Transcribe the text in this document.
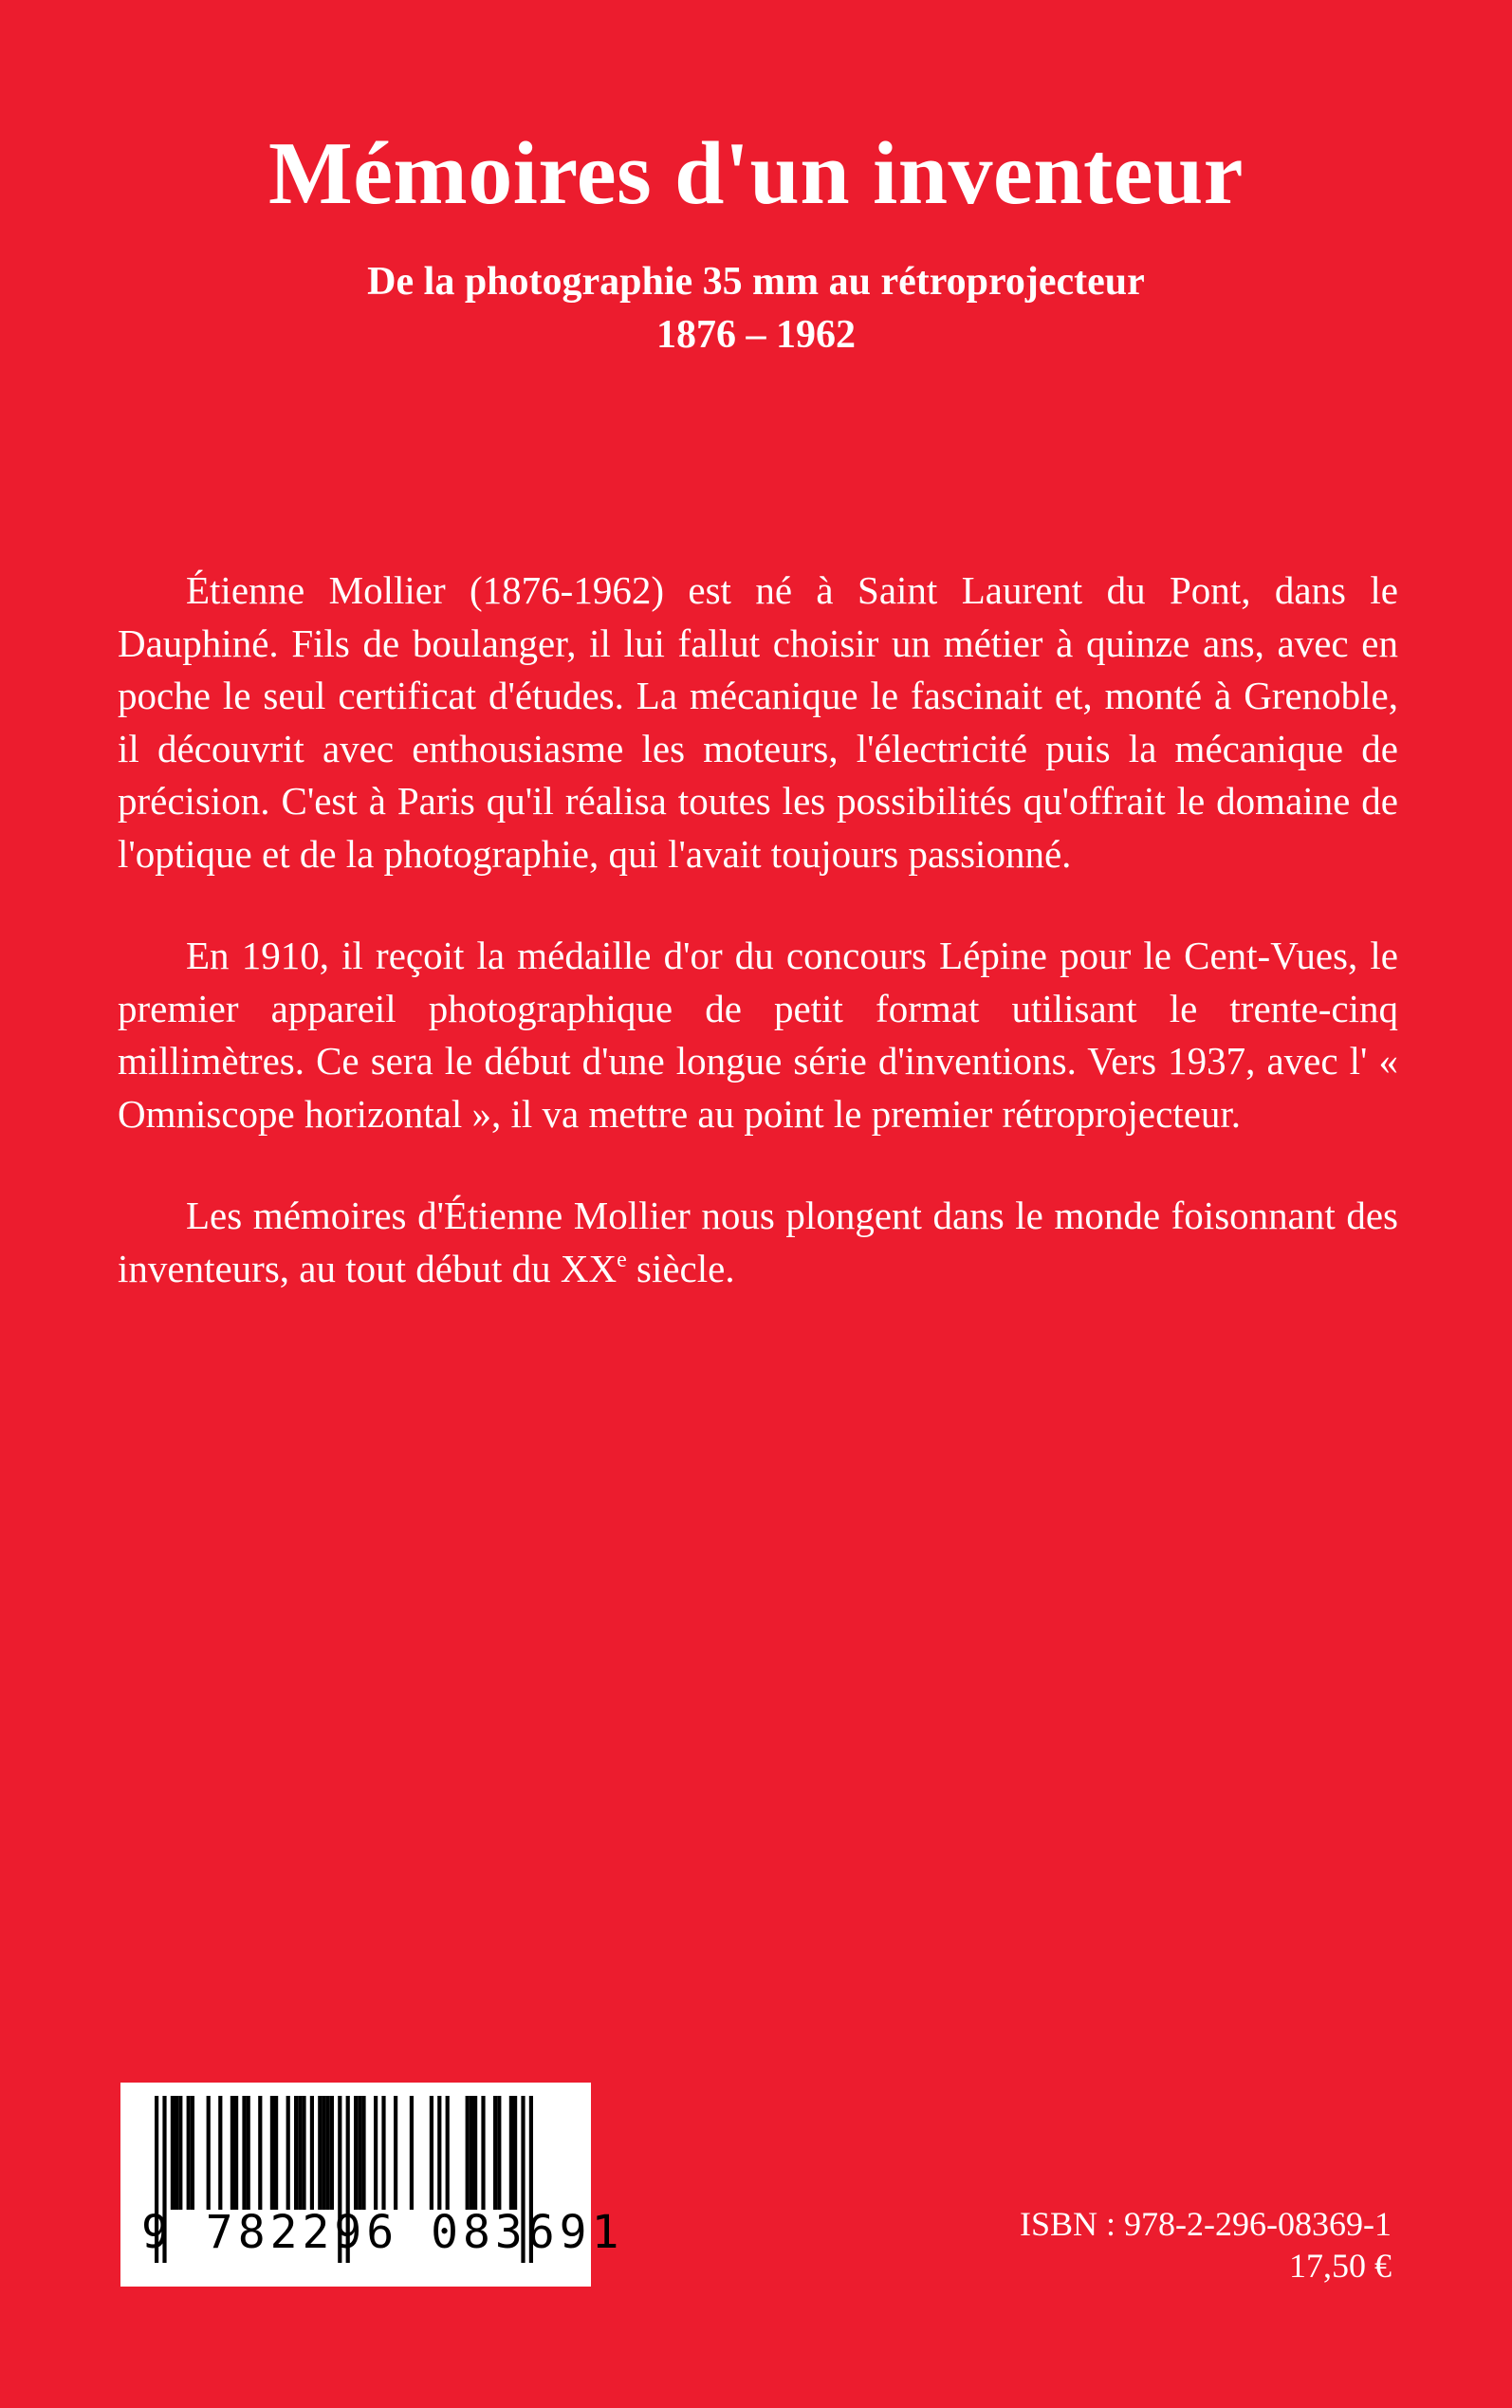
Mémoires d'un inventeur
De la photographie 35 mm au rétroprojecteur
1876 – 1962

Étienne Mollier (1876-1962) est né à Saint Laurent du Pont, dans le Dauphiné. Fils de boulanger, il lui fallut choisir un métier à quinze ans, avec en poche le seul certificat d'études. La mécanique le fascinait et, monté à Grenoble, il découvrit avec enthousiasme les moteurs, l'électricité puis la mécanique de précision. C'est à Paris qu'il réalisa toutes les possibilités qu'offrait le domaine de l'optique et de la photographie, qui l'avait toujours passionné.

En 1910, il reçoit la médaille d'or du concours Lépine pour le Cent-Vues, le premier appareil photographique de petit format utilisant le trente-cinq millimètres. Ce sera le début d'une longue série d'inventions. Vers 1937, avec l' « Omniscope horizontal », il va mettre au point le premier rétroprojecteur.

Les mémoires d'Étienne Mollier nous plongent dans le monde foisonnant des inventeurs, au tout début du XXe siècle.

9 782296 083691	ISBN : 978-2-296-08369-1
17,50 €
